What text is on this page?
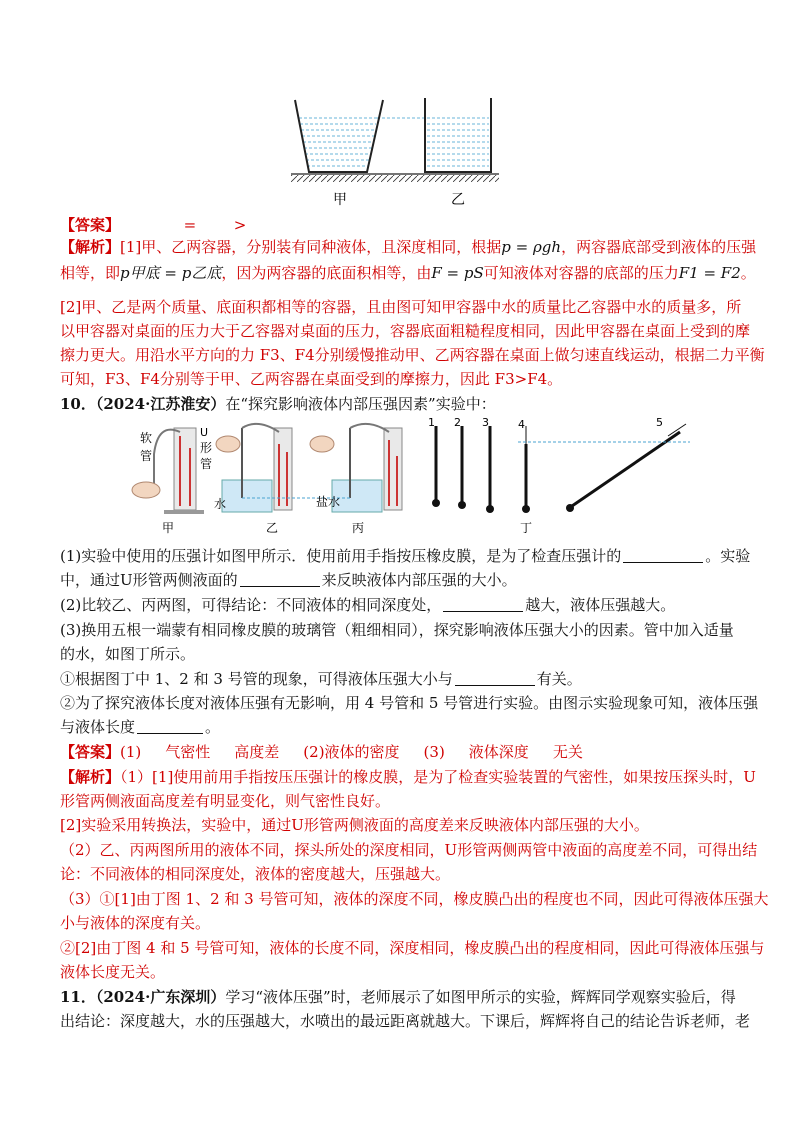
甲	乙
【答案】	=	>
【解析】[1]甲、乙两容器，分别装有同种液体，且深度相同，根据p = ρgh，两容器底部受到液体的压强
相等，即p甲底 = p乙底，因为两容器的底面积相等，由F = pS可知液体对容器的底部的压力F1 = F2。
[2]甲、乙是两个质量、底面积都相等的容器，且由图可知甲容器中水的质量比乙容器中水的质量多，所
以甲容器对桌面的压力大于乙容器对桌面的压力，容器底面粗糙程度相同，因此甲容器在桌面上受到的摩
擦力更大。用沿水平方向的力 F3、F4分别缓慢推动甲、乙两容器在桌面上做匀速直线运动，根据二力平衡
可知，F3、F4分别等于甲、乙两容器在桌面受到的摩擦力，因此 F3>F4。
10．（2024·江苏淮安）在“探究影响液体内部压强因素”实验中：
软
管
U
形
管
甲
水
乙
盐水
丙
1 2 3	4	5
丁
(1)实验中使用的压强计如图甲所示．使用前用手指按压橡皮膜，是为了检查压强计的	。实验
中，通过U形管两侧液面的	来反映液体内部压强的大小。
(2)比较乙、丙两图，可得结论：不同液体的相同深度处，	越大，液体压强越大。
(3)换用五根一端蒙有相同橡皮膜的玻璃管（粗细相同），探究影响液体压强大小的因素。管中加入适量
的水，如图丁所示。
①根据图丁中 1、2 和 3 号管的现象，可得液体压强大小与	有关。
②为了探究液体长度对液体压强有无影响，用 4 号管和 5 号管进行实验。由图示实验现象可知，液体压强
与液体长度	。
【答案】(1) 气密性 高度差 (2)液体的密度 (3) 液体深度 无关
【解析】（1）[1]使用前用手指按压压强计的橡皮膜，是为了检查实验装置的气密性，如果按压探头时，U
形管两侧液面高度差有明显变化，则气密性良好。
[2]实验采用转换法，实验中，通过U形管两侧液面的高度差来反映液体内部压强的大小。
（2）乙、丙两图所用的液体不同，探头所处的深度相同，U形管两侧两管中液面的高度差不同，可得出结
论：不同液体的相同深度处，液体的密度越大，压强越大。
（3）①[1]由丁图 1、2 和 3 号管可知，液体的深度不同，橡皮膜凸出的程度也不同，因此可得液体压强大
小与液体的深度有关。
②[2]由丁图 4 和 5 号管可知，液体的长度不同，深度相同，橡皮膜凸出的程度相同，因此可得液体压强与
液体长度无关。
11．（2024·广东深圳）学习“液体压强”时，老师展示了如图甲所示的实验，辉辉同学观察实验后，得
出结论：深度越大，水的压强越大，水喷出的最远距离就越大。下课后，辉辉将自己的结论告诉老师，老
